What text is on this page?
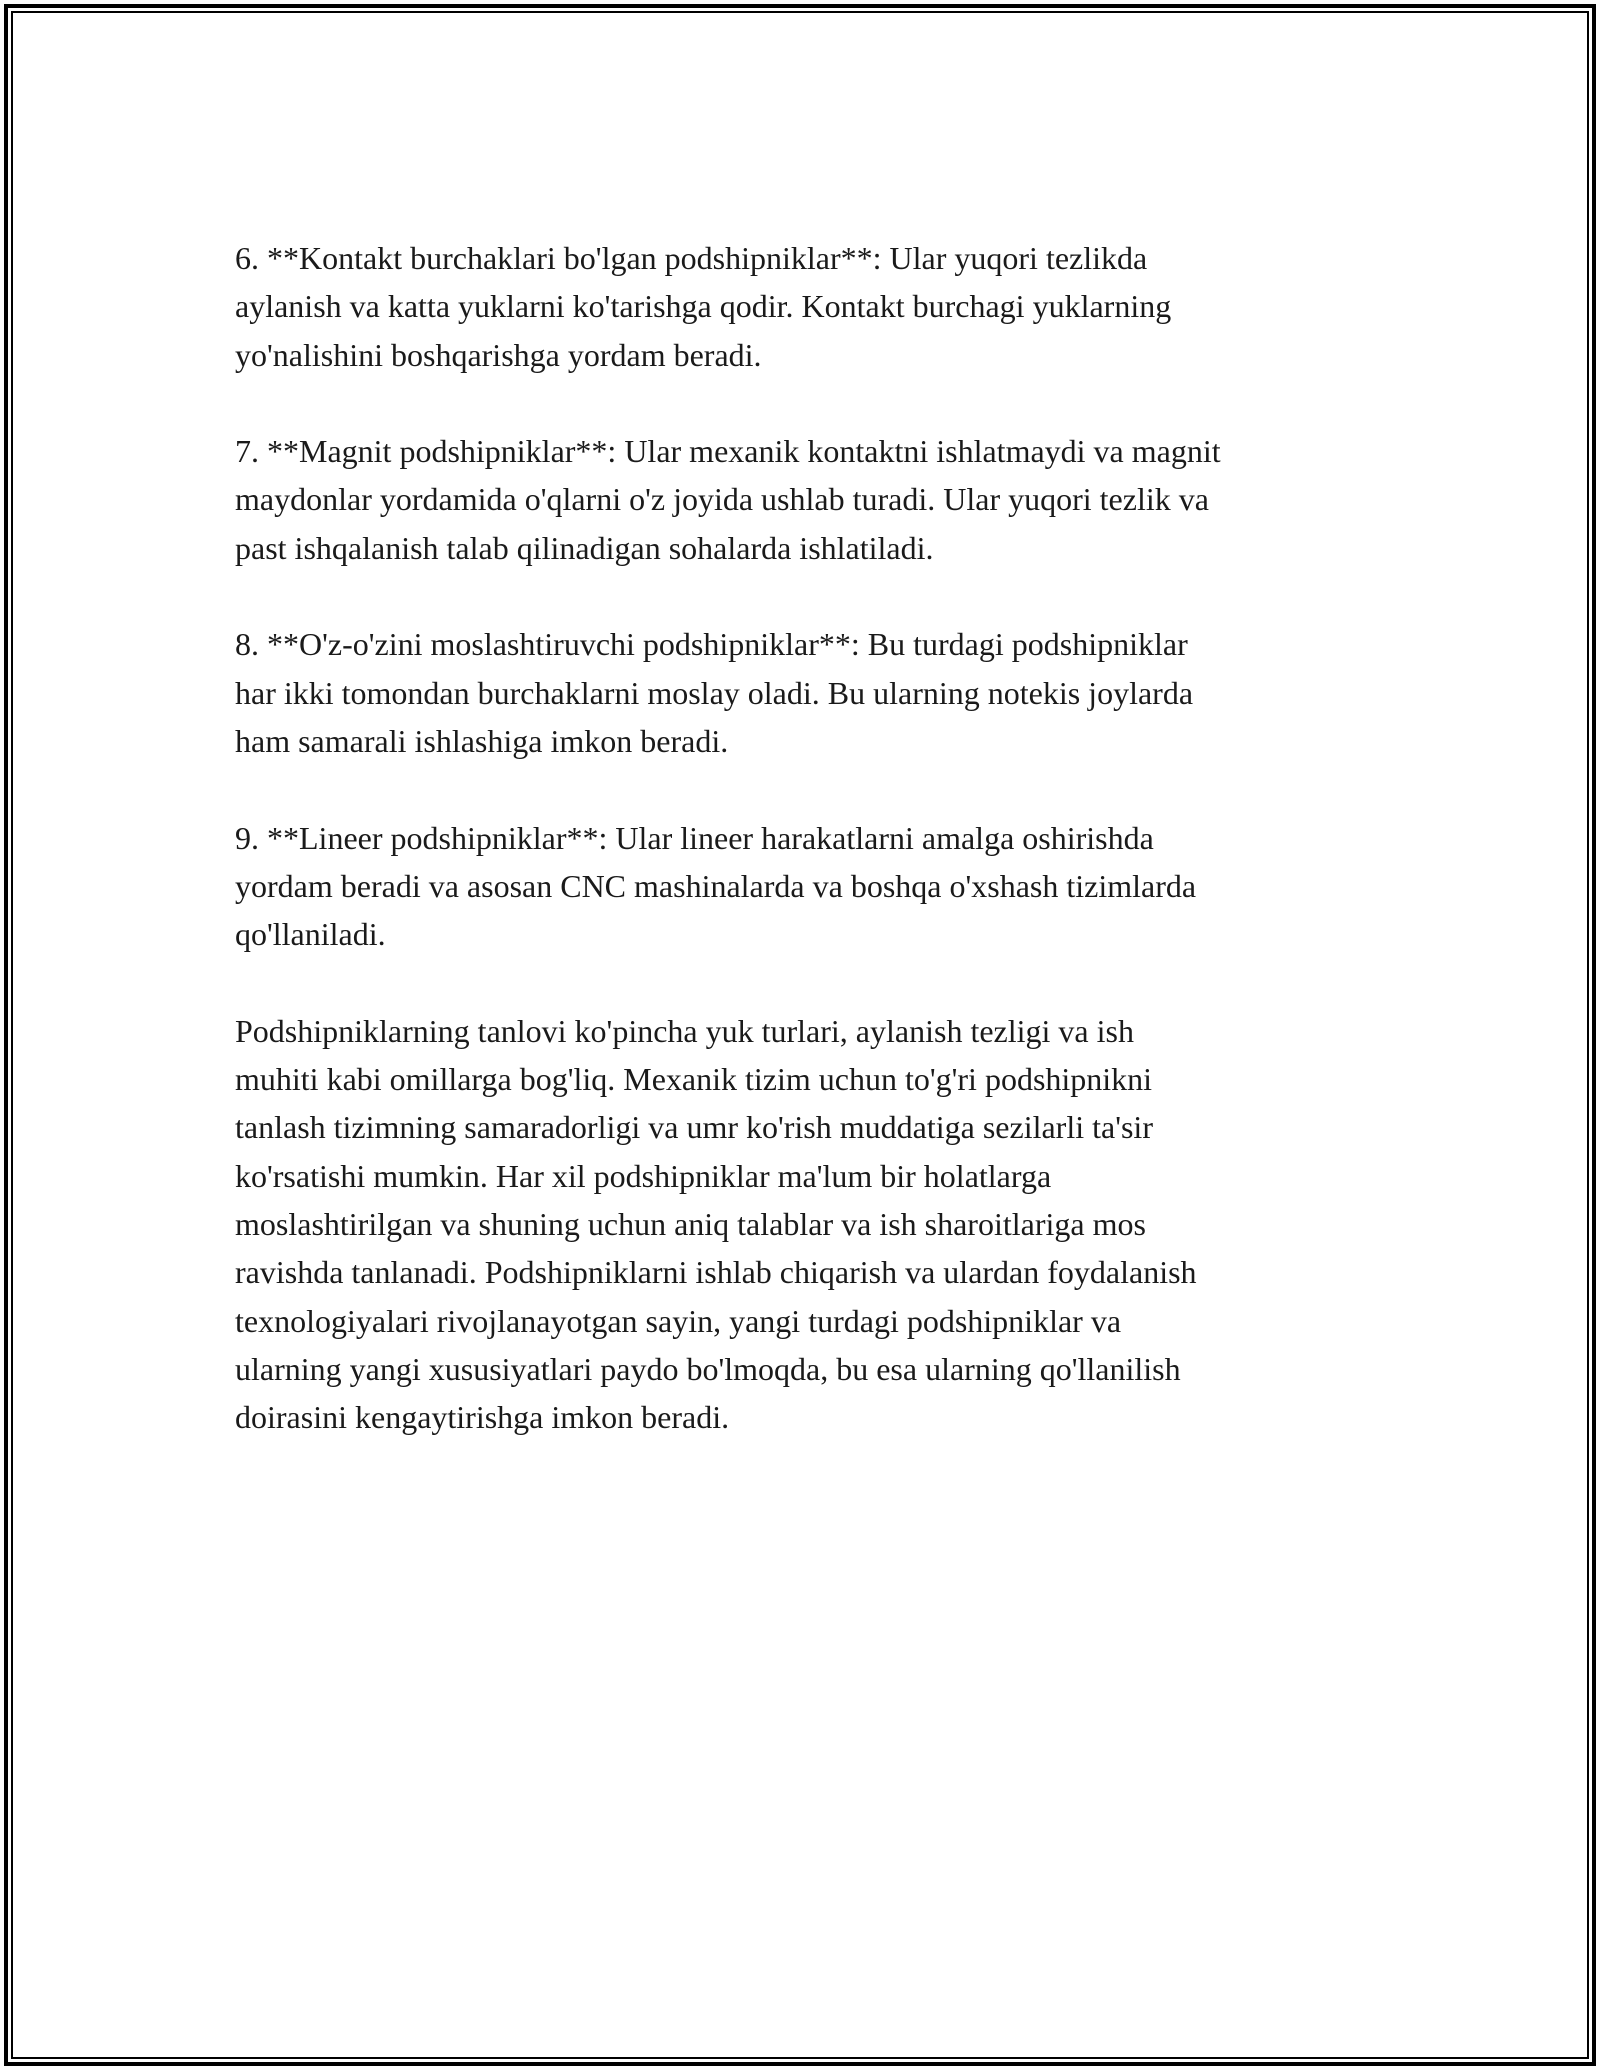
6. **Kontakt burchaklari bo'lgan podshipniklar**: Ular yuqori tezlikda
aylanish va katta yuklarni ko'tarishga qodir. Kontakt burchagi yuklarning
yo'nalishini boshqarishga yordam beradi.

7. **Magnit podshipniklar**: Ular mexanik kontaktni ishlatmaydi va magnit
maydonlar yordamida o'qlarni o'z joyida ushlab turadi. Ular yuqori tezlik va
past ishqalanish talab qilinadigan sohalarda ishlatiladi.

8. **O'z-o'zini moslashtiruvchi podshipniklar**: Bu turdagi podshipniklar
har ikki tomondan burchaklarni moslay oladi. Bu ularning notekis joylarda
ham samarali ishlashiga imkon beradi.

9. **Lineer podshipniklar**: Ular lineer harakatlarni amalga oshirishda
yordam beradi va asosan CNC mashinalarda va boshqa o'xshash tizimlarda
qo'llaniladi.

Podshipniklarning tanlovi ko'pincha yuk turlari, aylanish tezligi va ish
muhiti kabi omillarga bog'liq. Mexanik tizim uchun to'g'ri podshipnikni
tanlash tizimning samaradorligi va umr ko'rish muddatiga sezilarli ta'sir
ko'rsatishi mumkin. Har xil podshipniklar ma'lum bir holatlarga
moslashtirilgan va shuning uchun aniq talablar va ish sharoitlariga mos
ravishda tanlanadi. Podshipniklarni ishlab chiqarish va ulardan foydalanish
texnologiyalari rivojlanayotgan sayin, yangi turdagi podshipniklar va
ularning yangi xususiyatlari paydo bo'lmoqda, bu esa ularning qo'llanilish
doirasini kengaytirishga imkon beradi.
